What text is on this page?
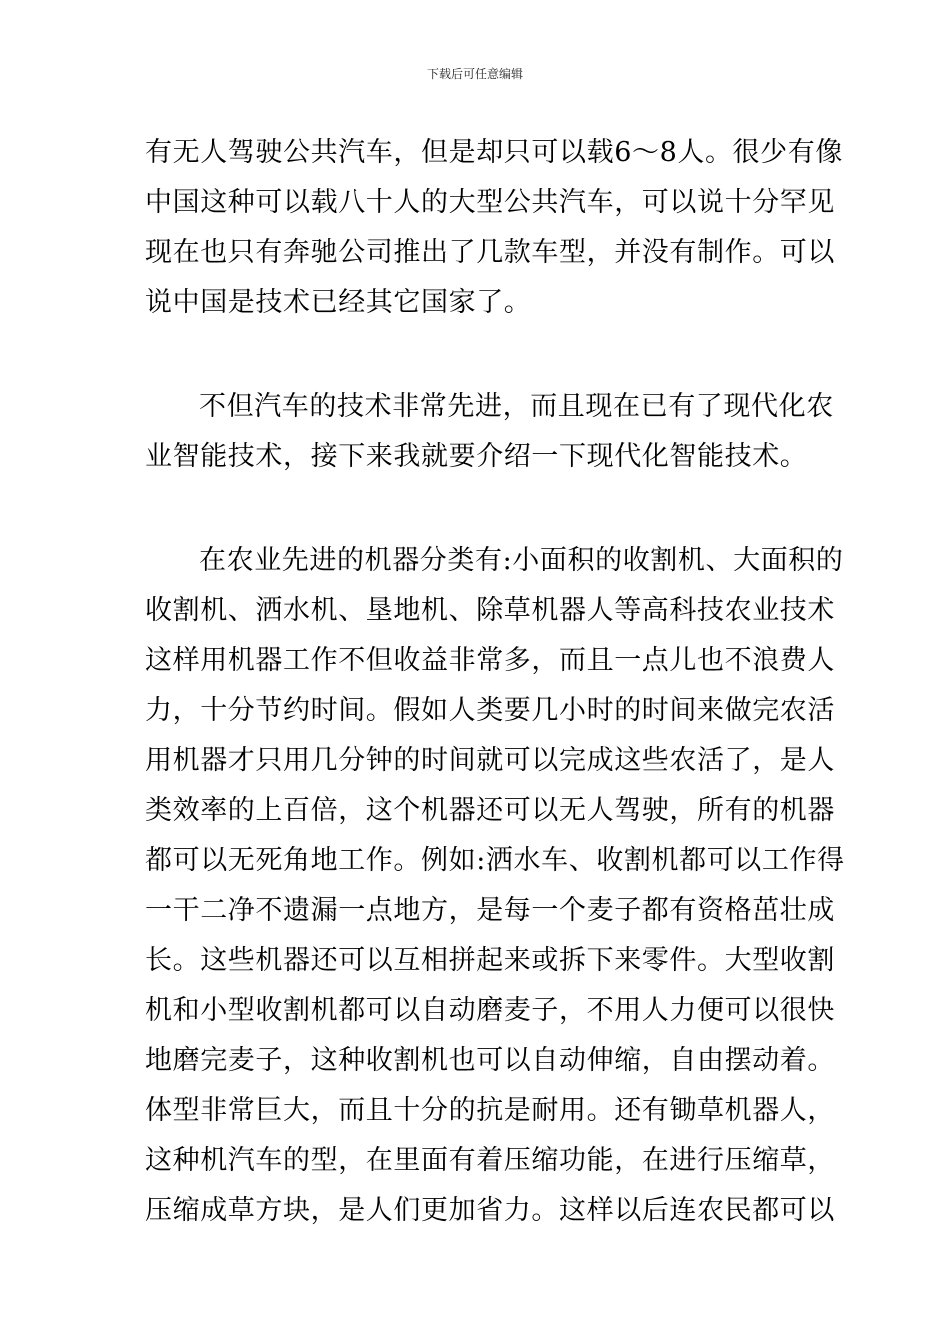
下载后可任意编辑
有无人驾驶公共汽车，但是却只可以载6～8人。很少有像
中国这种可以载八十人的大型公共汽车，可以说十分罕见
现在也只有奔驰公司推出了几款车型，并没有制作。可以
说中国是技术已经其它国家了。
不但汽车的技术非常先进，而且现在已有了现代化农
业智能技术，接下来我就要介绍一下现代化智能技术。
在农业先进的机器分类有:小面积的收割机、大面积的
收割机、洒水机、垦地机、除草机器人等高科技农业技术
这样用机器工作不但收益非常多，而且一点儿也不浪费人
力，十分节约时间。假如人类要几小时的时间来做完农活
用机器才只用几分钟的时间就可以完成这些农活了，是人
类效率的上百倍，这个机器还可以无人驾驶，所有的机器
都可以无死角地工作。例如:洒水车、收割机都可以工作得
一干二净不遗漏一点地方，是每一个麦子都有资格茁壮成
长。这些机器还可以互相拼起来或拆下来零件。大型收割
机和小型收割机都可以自动磨麦子，不用人力便可以很快
地磨完麦子，这种收割机也可以自动伸缩，自由摆动着。
体型非常巨大，而且十分的抗是耐用。还有锄草机器人，
这种机汽车的型，在里面有着压缩功能，在进行压缩草，
压缩成草方块，是人们更加省力。这样以后连农民都可以
